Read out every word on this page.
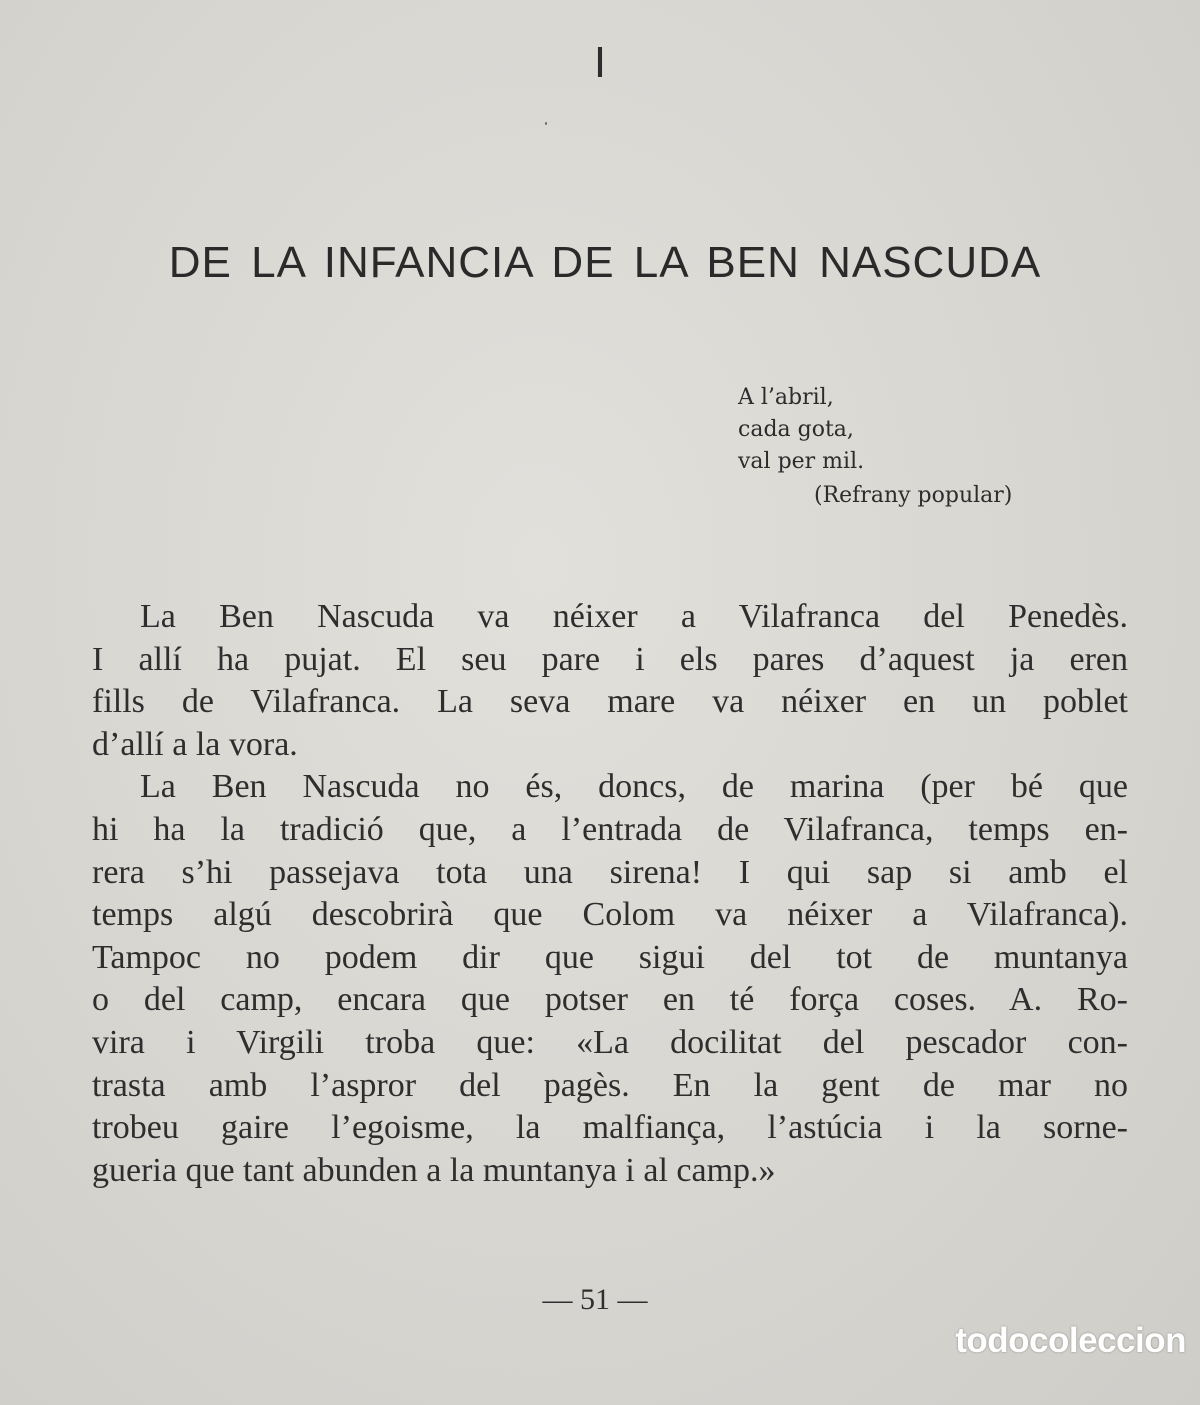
I
DE LA INFANCIA DE LA BEN NASCUDA
A l’abril,
cada gota,
val per mil.
(Refrany popular)
La Ben Nascuda va néixer a Vilafranca del Penedès.
I allí ha pujat. El seu pare i els pares d’aquest ja eren
fills de Vilafranca. La seva mare va néixer en un poblet
d’allí a la vora.
La Ben Nascuda no és, doncs, de marina (per bé que
hi ha la tradició que, a l’entrada de Vilafranca, temps en-
rera s’hi passejava tota una sirena! I qui sap si amb el
temps algú descobrirà que Colom va néixer a Vilafranca).
Tampoc no podem dir que sigui del tot de muntanya
o del camp, encara que potser en té força coses. A. Ro-
vira i Virgili troba que: «La docilitat del pescador con-
trasta amb l’aspror del pagès. En la gent de mar no
trobeu gaire l’egoisme, la malfiança, l’astúcia i la sorne-
gueria que tant abunden a la muntanya i al camp.»
— 51 —
todocoleccion
